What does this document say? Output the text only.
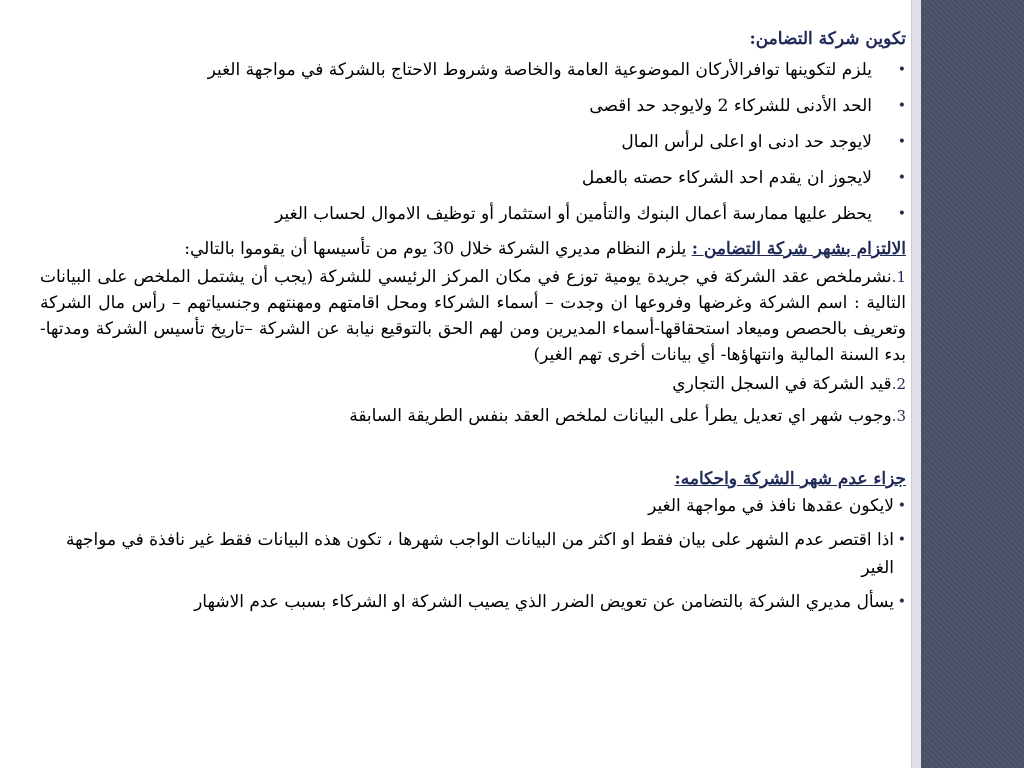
تكوين شركة التضامن:
•
يلزم لتكوينها توافرالأركان الموضوعية العامة والخاصة وشروط الاحتاج بالشركة في مواجهة الغير
•
الحد الأدنى للشركاء 2 ولايوجد حد اقصى
•
لايوجد حد ادنى او اعلى لرأس المال
•
لايجوز ان يقدم احد الشركاء حصته بالعمل
•
يحظر عليها ممارسة أعمال البنوك والتأمين أو استثمار أو توظيف الاموال لحساب الغير
الالتزام بشهر شركة التضامن : يلزم النظام مديري الشركة خلال 30 يوم من تأسيسها أن يقوموا بالتالي:
1.نشرملخص عقد الشركة في جريدة يومية توزع في مكان المركز الرئيسي للشركة (يجب أن يشتمل الملخص على البيانات التالية : اسم الشركة وغرضها وفروعها ان وجدت – أسماء الشركاء ومحل اقامتهم ومهنتهم وجنسياتهم – رأس مال الشركة وتعريف بالحصص وميعاد استحقاقها-أسماء المديرين ومن لهم الحق بالتوقيع نيابة عن الشركة –تاريخ تأسيس الشركة ومدتها-بدء السنة المالية وانتهاؤها- أي بيانات أخرى تهم الغير)
2.قيد الشركة في السجل التجاري
3.وجوب شهر اي تعديل يطرأ على البيانات لملخص العقد بنفس الطريقة السابقة
جزاء عدم شهر الشركة واحكامه:
•
لايكون عقدها نافذ في مواجهة الغير
•
اذا اقتصر عدم الشهر على بيان فقط او اكثر من البيانات الواجب شهرها ، تكون هذه البيانات فقط غير نافذة في مواجهة الغير
•
يسأل مديري الشركة بالتضامن عن تعويض الضرر الذي يصيب الشركة او الشركاء بسبب عدم الاشهار
